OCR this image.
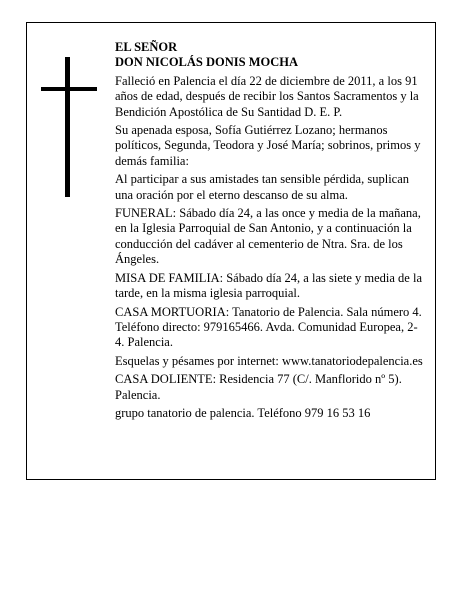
EL SEÑOR
DON NICOLÁS DONIS MOCHA

Falleció en Palencia el día 22 de diciembre de 2011, a los 91 años de edad, después de recibir los Santos Sacramentos y la Bendición Apostólica de Su Santidad D. E. P.

Su apenada esposa, Sofía Gutiérrez Lozano; hermanos políticos, Segunda, Teodora y José María; sobrinos, primos y demás familia:

Al participar a sus amistades tan sensible pérdida, suplican una oración por el eterno descanso de su alma.

FUNERAL: Sábado día 24, a las once y media de la mañana, en la Iglesia Parroquial de San Antonio, y a continuación la conducción del cadáver al cementerio de Ntra. Sra. de los Ángeles.

MISA DE FAMILIA: Sábado día 24, a las siete y media de la tarde, en la misma iglesia parroquial.

CASA MORTUORIA: Tanatorio de Palencia. Sala número 4. Teléfono directo: 979165466. Avda. Comunidad Europea, 2-4. Palencia.

Esquelas y pésames por internet: www.tanatoriodepalencia.es

CASA DOLIENTE: Residencia 77 (C/. Manflorido nº 5). Palencia.

grupo tanatorio de palencia. Teléfono 979 16 53 16
